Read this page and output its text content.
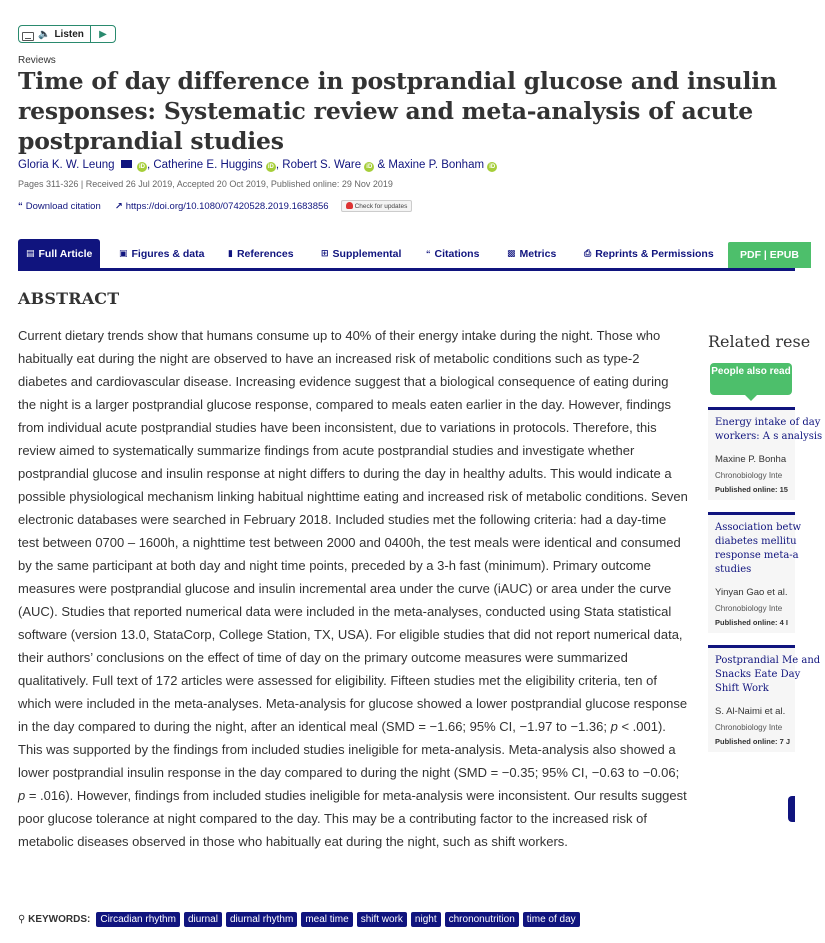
🔈 Listen	▶
Reviews
Time of day difference in postprandial glucose and insulin responses: Systematic review and meta-analysis of acute postprandial studies
Gloria K. W. Leung	iD , Catherine E. Huggins iD , Robert S. Ware iD & Maxine P. Bonham iD
Pages 311-326 | Received 26 Jul 2019, Accepted 20 Oct 2019, Published online: 29 Nov 2019
“ Download citation ↗ https://doi.org/10.1080/07420528.2019.1683856	Check for updates
▤ Full Article	▣ Figures & data	▮ References	⊞ Supplemental	“ Citations	▩ Metrics	⎙ Reprints & Permissions	PDF | EPUB
ABSTRACT

Current dietary trends show that humans consume up to 40% of their energy intake during the night. Those who habitually eat during the night are observed to have an increased risk of metabolic conditions such as type-2 diabetes and cardiovascular disease. Increasing evidence suggest that a biological consequence of eating during the night is a larger postprandial glucose response, compared to meals eaten earlier in the day. However, findings from individual acute postprandial studies have been inconsistent, due to variations in protocols. Therefore, this review aimed to systematically summarize findings from acute postprandial studies and investigate whether postprandial glucose and insulin response at night differs to during the day in healthy adults. This would indicate a possible physiological mechanism linking habitual nighttime eating and increased risk of metabolic conditions. Seven electronic databases were searched in February 2018. Included studies met the following criteria: had a day-time test between 0700 – 1600h, a nighttime test between 2000 and 0400h, the test meals were identical and consumed by the same participant at both day and night time points, preceded by a 3-h fast (minimum). Primary outcome measures were postprandial glucose and insulin incremental area under the curve (iAUC) or area under the curve (AUC). Studies that reported numerical data were included in the meta-analyses, conducted using Stata statistical software (version 13.0, StataCorp, College Station, TX, USA). For eligible studies that did not report numerical data, their authors’ conclusions on the effect of time of day on the primary outcome measures were summarized qualitatively. Full text of 172 articles were assessed for eligibility. Fifteen studies met the eligibility criteria, ten of which were included in the meta-analyses. Meta-analysis for glucose showed a lower postprandial glucose response in the day compared to during the night, after an identical meal (SMD = −1.66; 95% CI, −1.97 to −1.36; p < .001). This was supported by the findings from included studies ineligible for meta-analysis. Meta-analysis also showed a lower postprandial insulin response in the day compared to during the night (SMD = −0.35; 95% CI, −0.63 to −0.06; p = .016). However, findings from included studies ineligible for meta-analysis were inconsistent. Our results suggest poor glucose tolerance at night compared to the day. This may be a contributing factor to the increased risk of metabolic diseases observed in those who habitually eat during the night, such as shift workers.

⚲ KEYWORDS:	Circadian rhythm	diurnal	diurnal rhythm	meal time	shift work	night	chrononutrition	time of day
Related rese
People also read
Energy intake of day workers: A s analysis
Maxine P. Bonha
Chronobiology Inte
Published online: 15
Association betw diabetes mellitu response meta-a studies
Yinyan Gao et al.
Chronobiology Inte
Published online: 4 I
Postprandial Me and Snacks Eate Day Shift Work
S. Al-Naimi et al.
Chronobiology Inte
Published online: 7 J
